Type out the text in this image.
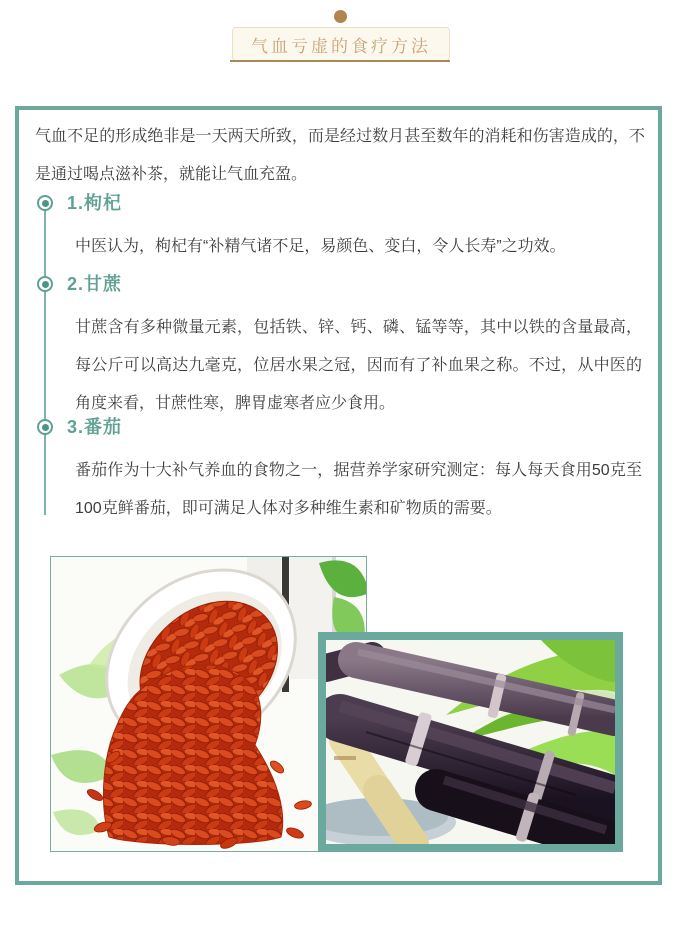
气血亏虚的食疗方法

气血不足的形成绝非是一天两天所致，而是经过数月甚至数年的消耗和伤害造成的，不是通过喝点滋补茶，就能让气血充盈。

1.枸杞

中医认为，枸杞有“补精气诸不足，易颜色、变白，令人长寿”之功效。

2.甘蔗

甘蔗含有多种微量元素，包括铁、锌、钙、磷、锰等等，其中以铁的含量最高，每公斤可以高达九毫克，位居水果之冠，因而有了补血果之称。不过，从中医的角度来看，甘蔗性寒，脾胃虚寒者应少食用。

3.番茄

番茄作为十大补气养血的食物之一，据营养学家研究测定：每人每天食用50克至100克鲜番茄，即可满足人体对多种维生素和矿物质的需要。
